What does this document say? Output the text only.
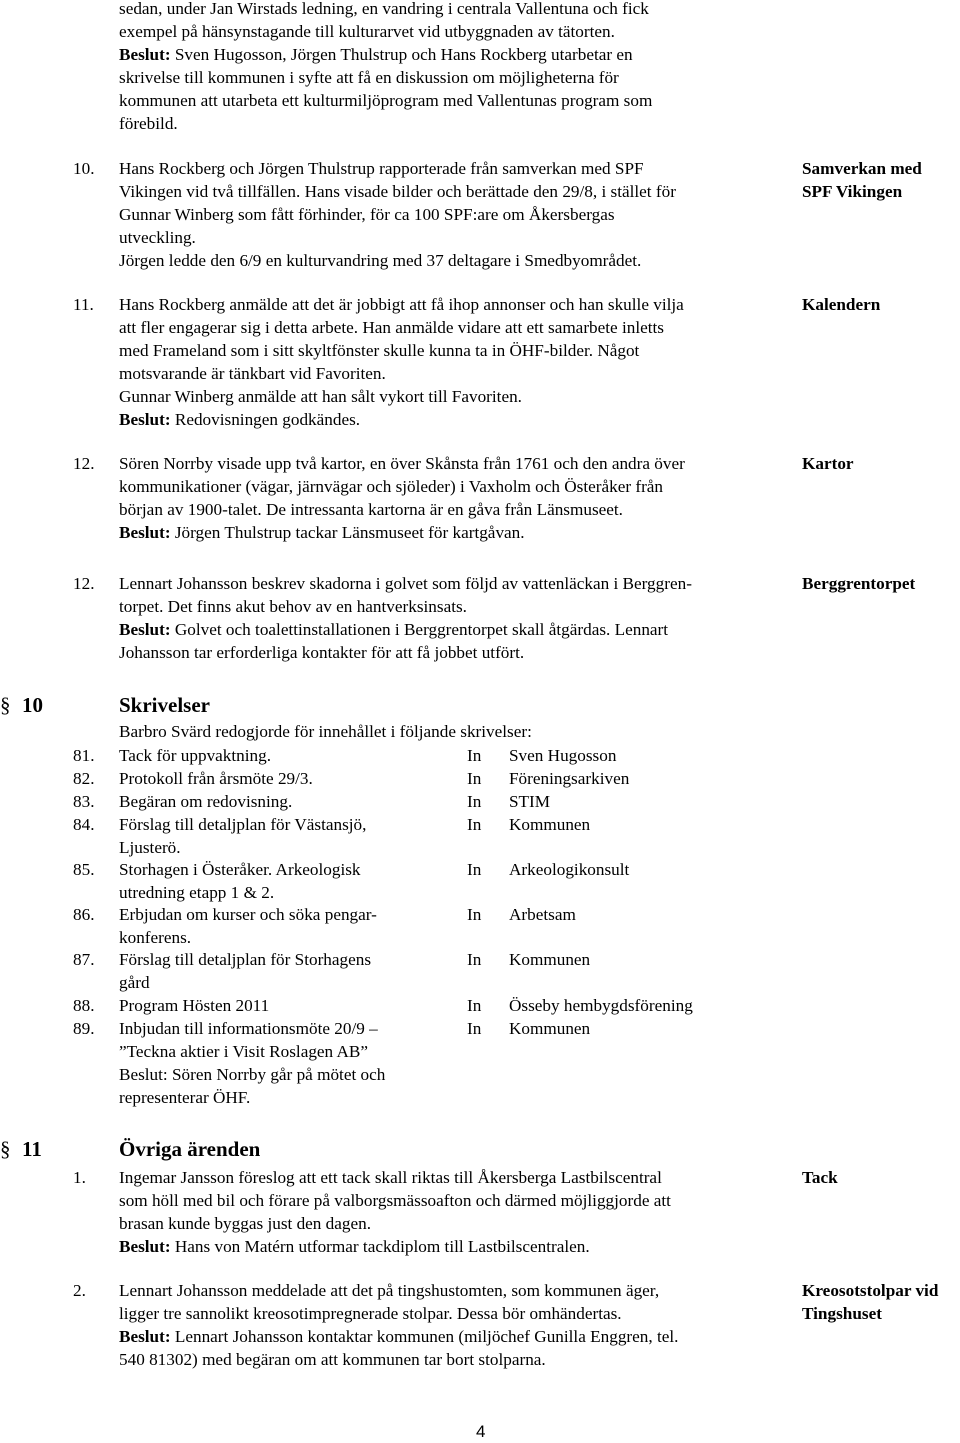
sedan, under Jan Wirstads ledning, en vandring i centrala Vallentuna och fick
exempel på hänsynstagande till kulturarvet vid utbyggnaden av tätorten.
Beslut: Sven Hugosson, Jörgen Thulstrup och Hans Rockberg utarbetar en
skrivelse till kommunen i syfte att få en diskussion om möjligheterna för
kommunen att utarbeta ett kulturmiljöprogram med Vallentunas program som
förebild.
10.	Hans Rockberg och Jörgen Thulstrup rapporterade från samverkan med SPF
Vikingen vid två tillfällen. Hans visade bilder och berättade den 29/8, i stället för
Gunnar Winberg som fått förhinder, för ca 100 SPF:are om Åkersbergas
utveckling.
Jörgen ledde den 6/9 en kulturvandring med 37 deltagare i Smedbyområdet.
Samverkan med
SPF Vikingen
11.	Hans Rockberg anmälde att det är jobbigt att få ihop annonser och han skulle vilja
att fler engagerar sig i detta arbete. Han anmälde vidare att ett samarbete inletts
med Frameland som i sitt skyltfönster skulle kunna ta in ÖHF-bilder. Något
motsvarande är tänkbart vid Favoriten.
Gunnar Winberg anmälde att han sålt vykort till Favoriten.
Beslut: Redovisningen godkändes.
Kalendern
12.	Sören Norrby visade upp två kartor, en över Skånsta från 1761 och den andra över
kommunikationer (vägar, järnvägar och sjöleder) i Vaxholm och Österåker från
början av 1900-talet. De intressanta kartorna är en gåva från Länsmuseet.
Beslut: Jörgen Thulstrup tackar Länsmuseet för kartgåvan.
Kartor
12.	Lennart Johansson beskrev skadorna i golvet som följd av vattenläckan i Berggren-
torpet. Det finns akut behov av en hantverksinsats.
Beslut: Golvet och toalettinstallationen i Berggrentorpet skall åtgärdas. Lennart
Johansson tar erforderliga kontakter för att få jobbet utfört.
Berggrentorpet
§ 10	Skrivelser
Barbro Svärd redogjorde för innehållet i följande skrivelser:
81. Tack för uppvaktning.	In Sven Hugosson
82. Protokoll från årsmöte 29/3.	In Föreningsarkiven
83. Begäran om redovisning.	In STIM
84. Förslag till detaljplan för Västansjö,
Ljusterö.
In Kommunen
85. Storhagen i Österåker. Arkeologisk
utredning etapp 1 & 2.
In Arkeologikonsult
86. Erbjudan om kurser och söka pengar-
konferens.
In Arbetsam
87. Förslag till detaljplan för Storhagens
gård
In Kommunen
88. Program Hösten 2011	In Össeby hembygdsförening
89. Inbjudan till informationsmöte 20/9 –
”Teckna aktier i Visit Roslagen AB”
Beslut: Sören Norrby går på mötet och
representerar ÖHF.
In Kommunen
§ 11	Övriga ärenden
1.	Ingemar Jansson föreslog att ett tack skall riktas till Åkersberga Lastbilscentral
som höll med bil och förare på valborgsmässoafton och därmed möjliggjorde att
brasan kunde byggas just den dagen.
Beslut: Hans von Matérn utformar tackdiplom till Lastbilscentralen.
Tack
2.	Lennart Johansson meddelade att det på tingshustomten, som kommunen äger,
ligger tre sannolikt kreosotimpregnerade stolpar. Dessa bör omhändertas.
Beslut: Lennart Johansson kontaktar kommunen (miljöchef Gunilla Enggren, tel.
540 81302) med begäran om att kommunen tar bort stolparna.
Kreosotstolpar vid
Tingshuset
4
